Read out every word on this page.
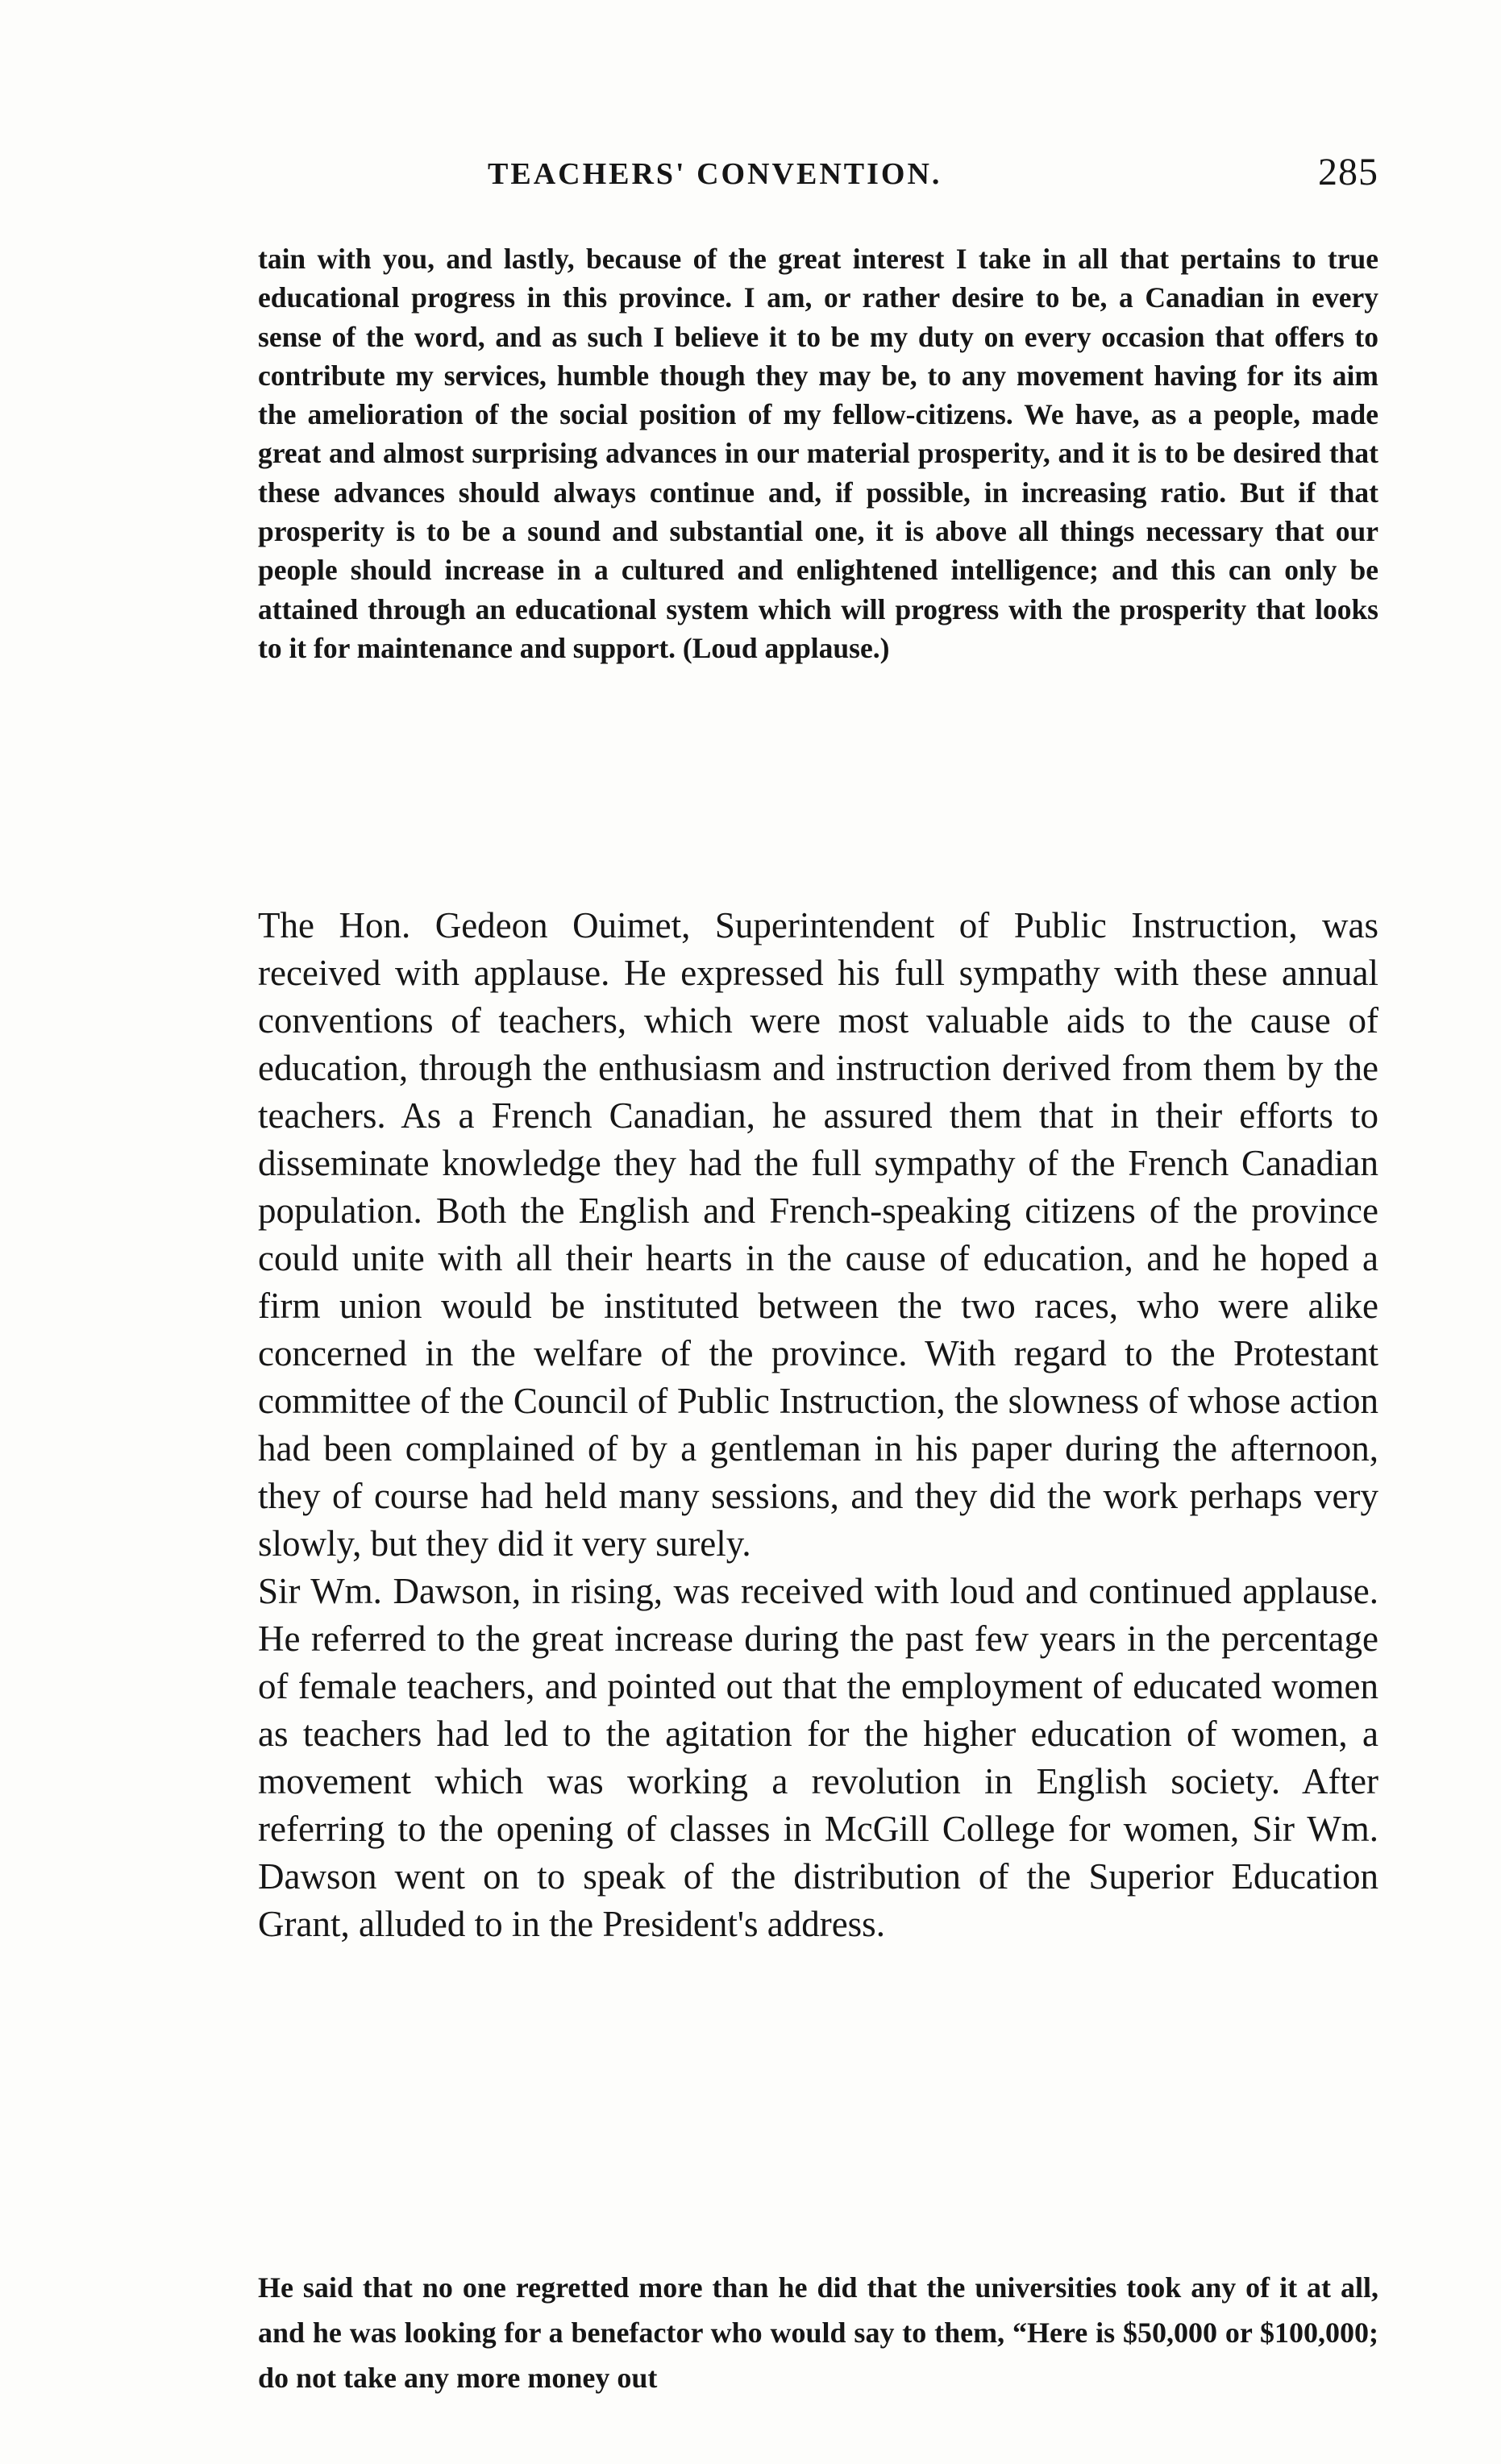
TEACHERS' CONVENTION.	285

tain with you, and lastly, because of the great interest I take in all that pertains to true educational progress in this province. I am, or rather desire to be, a Canadian in every sense of the word, and as such I believe it to be my duty on every occasion that offers to contribute my services, humble though they may be, to any movement having for its aim the amelioration of the social position of my fellow-citizens. We have, as a people, made great and almost surprising advances in our material prosperity, and it is to be desired that these advances should always continue and, if possible, in increasing ratio. But if that prosperity is to be a sound and substantial one, it is above all things necessary that our people should increase in a cultured and enlightened intelligence; and this can only be attained through an educational system which will progress with the prosperity that looks to it for maintenance and support. (Loud applause.)

The Hon. Gedeon Ouimet, Superintendent of Public Instruction, was received with applause. He expressed his full sympathy with these annual conventions of teachers, which were most valuable aids to the cause of education, through the enthusiasm and instruction derived from them by the teachers. As a French Canadian, he assured them that in their efforts to disseminate knowledge they had the full sympathy of the French Canadian population. Both the English and French-speaking citizens of the province could unite with all their hearts in the cause of education, and he hoped a firm union would be instituted between the two races, who were alike concerned in the welfare of the province. With regard to the Protestant committee of the Council of Public Instruction, the slowness of whose action had been complained of by a gentleman in his paper during the afternoon, they of course had held many sessions, and they did the work perhaps very slowly, but they did it very surely.

Sir Wm. Dawson, in rising, was received with loud and continued applause. He referred to the great increase during the past few years in the percentage of female teachers, and pointed out that the employment of educated women as teachers had led to the agitation for the higher education of women, a movement which was working a revolution in English society. After referring to the opening of classes in McGill College for women, Sir Wm. Dawson went on to speak of the distribution of the Superior Education Grant, alluded to in the President's address.

He said that no one regretted more than he did that the universities took any of it at all, and he was looking for a benefactor who would say to them, “Here is $50,000 or $100,000; do not take any more money out
